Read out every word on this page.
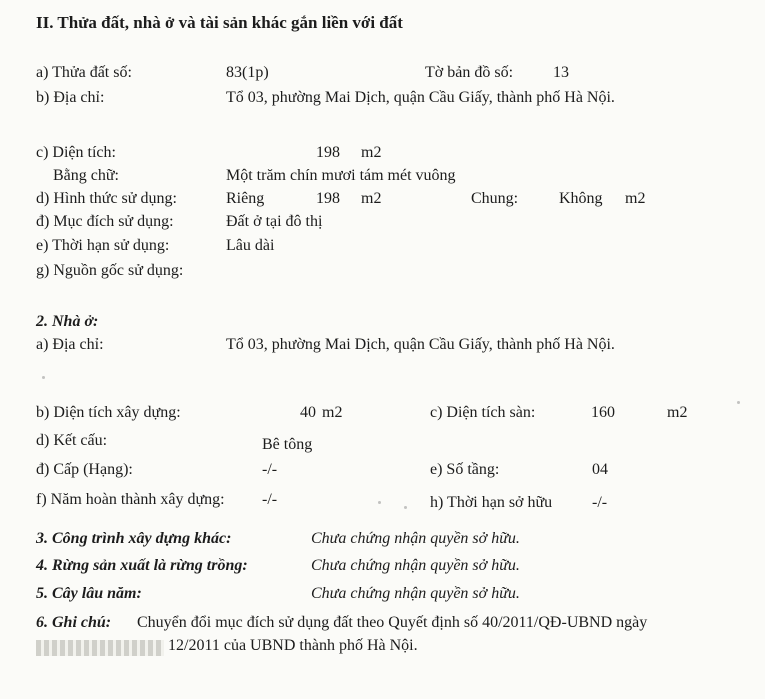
II. Thửa đất, nhà ở và tài sản khác gắn liền với đất
a) Thửa đất số:	83(1p)	Tờ bản đồ số: 13
b) Địa chỉ:	Tổ 03, phường Mai Dịch, quận Cầu Giấy, thành phố Hà Nội.
c) Diện tích:	198 m2
Bằng chữ:	Một trăm chín mươi tám mét vuông
d) Hình thức sử dụng:	Riêng	198 m2	Chung:	Không m2
đ) Mục đích sử dụng:	Đất ở tại đô thị
e) Thời hạn sử dụng:	Lâu dài
g) Nguồn gốc sử dụng:
2. Nhà ở:
a) Địa chỉ:	Tổ 03, phường Mai Dịch, quận Cầu Giấy, thành phố Hà Nội.
b) Diện tích xây dựng:	40 m2	c) Diện tích sàn:	160	m2
d) Kết cấu:	Bê tông
đ) Cấp (Hạng):	-/-	e) Số tầng:	04
f) Năm hoàn thành xây dựng: -/-	h) Thời hạn sở hữu -/-
3. Công trình xây dựng khác:	Chưa chứng nhận quyền sở hữu.
4. Rừng sản xuất là rừng trồng:	Chưa chứng nhận quyền sở hữu.
5. Cây lâu năm:	Chưa chứng nhận quyền sở hữu.
6. Ghi chú: Chuyển đổi mục đích sử dụng đất theo Quyết định số 40/2011/QĐ-UBND ngày
12/2011 của UBND thành phố Hà Nội.
